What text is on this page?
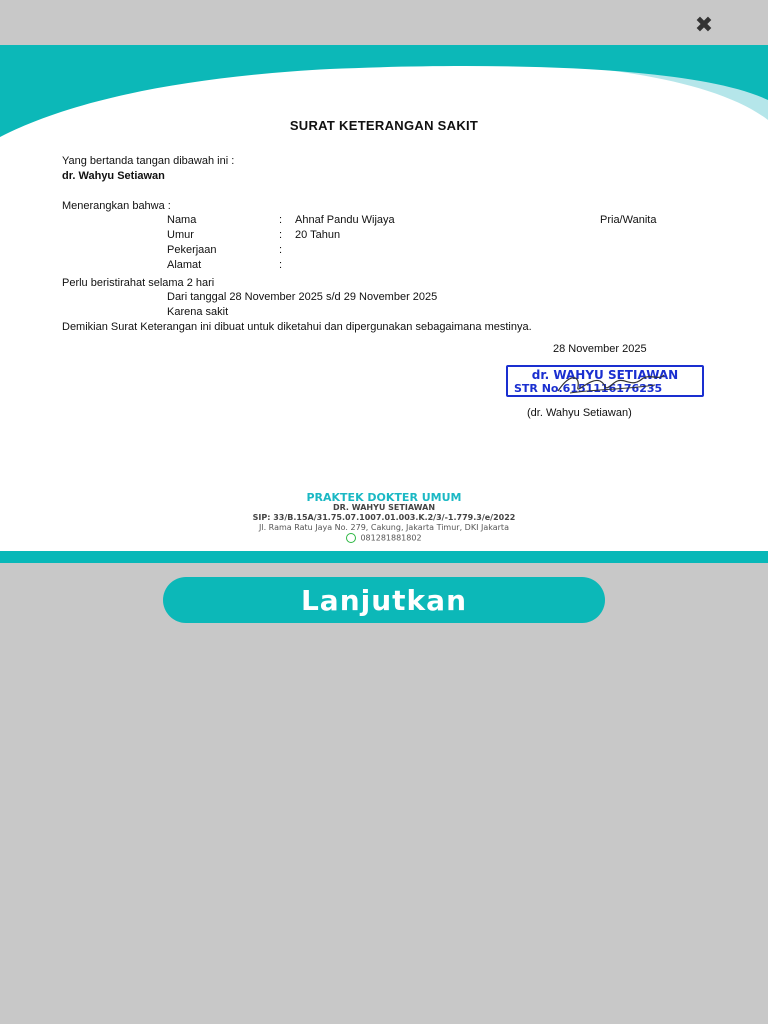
✖
SURAT KETERANGAN SAKIT
Yang bertanda tangan dibawah ini :
dr. Wahyu Setiawan
Menerangkan bahwa :
Nama	: Ahnaf Pandu Wijaya	Pria/Wanita
Umur	: 20 Tahun
Pekerjaan	:
Alamat	:
Perlu beristirahat selama 2 hari
Dari tanggal 28 November 2025 s/d 29 November 2025
Karena sakit
Demikian Surat Keterangan ini dibuat untuk diketahui dan dipergunakan sebagaimana mestinya.
28 November 2025
dr. WAHYU SETIAWAN
STR No.6151116176235
(dr. Wahyu Setiawan)
PRAKTEK DOKTER UMUM
DR. WAHYU SETIAWAN
SIP: 33/B.15A/31.75.07.1007.01.003.K.2/3/-1.779.3/e/2022
Jl. Rama Ratu Jaya No. 279, Cakung, Jakarta Timur, DKI Jakarta
08128188180​2
Lanjutkan
